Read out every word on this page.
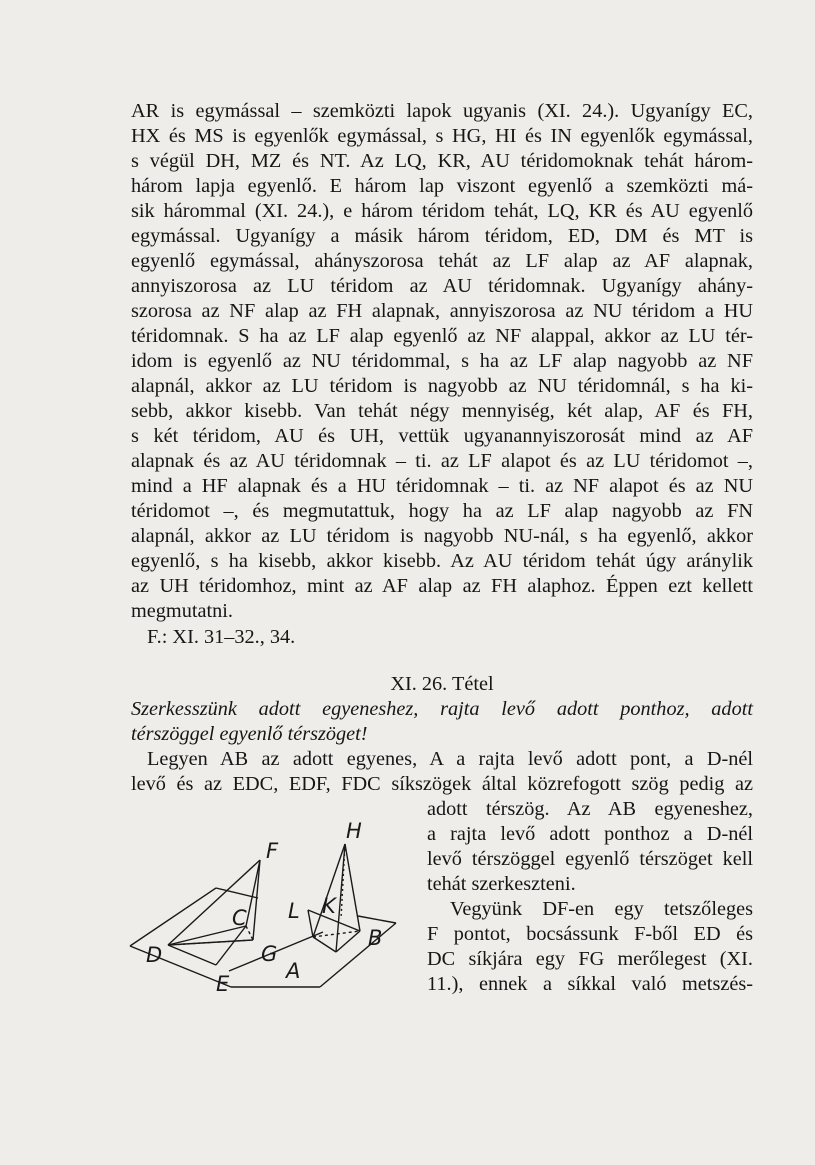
AR is egymással – szemközti lapok ugyanis (XI. 24.). Ugyanígy EC,
HX és MS is egyenlők egymással, s HG, HI és IN egyenlők egymással,
s végül DH, MZ és NT. Az LQ, KR, AU téridomoknak tehát három-
három lapja egyenlő. E három lap viszont egyenlő a szemközti má-
sik hárommal (XI. 24.), e három téridom tehát, LQ, KR és AU egyenlő
egymással. Ugyanígy a másik három téridom, ED, DM és MT is
egyenlő egymással, ahányszorosa tehát az LF alap az AF alapnak,
annyiszorosa az LU téridom az AU téridomnak. Ugyanígy ahány-
szorosa az NF alap az FH alapnak, annyiszorosa az NU téridom a HU
téridomnak. S ha az LF alap egyenlő az NF alappal, akkor az LU tér-
idom is egyenlő az NU téridommal, s ha az LF alap nagyobb az NF
alapnál, akkor az LU téridom is nagyobb az NU téridomnál, s ha ki-
sebb, akkor kisebb. Van tehát négy mennyiség, két alap, AF és FH,
s két téridom, AU és UH, vettük ugyanannyiszorosát mind az AF
alapnak és az AU téridomnak – ti. az LF alapot és az LU téridomot –,
mind a HF alapnak és a HU téridomnak – ti. az NF alapot és az NU
téridomot –, és megmutattuk, hogy ha az LF alap nagyobb az FN
alapnál, akkor az LU téridom is nagyobb NU-nál, s ha egyenlő, akkor
egyenlő, s ha kisebb, akkor kisebb. Az AU téridom tehát úgy aránylik
az UH téridomhoz, mint az AF alap az FH alaphoz. Éppen ezt kellett
megmutatni.
F.: XI. 31–32., 34.
XI. 26. Tétel
Szerkesszünk adott egyeneshez, rajta levő adott ponthoz, adott
térszöggel egyenlő térszöget!
Legyen AB az adott egyenes, A a rajta levő adott pont, a D-nél
levő és az EDC, EDF, FDC síkszögek által közrefogott szög pedig az
adott térszög. Az AB egyeneshez,
a rajta levő adott ponthoz a D-nél
levő térszöggel egyenlő térszöget kell
tehát szerkeszteni.
Vegyünk DF-en egy tetszőleges
F pontot, bocsássunk F-ből ED és
DC síkjára egy FG merőlegest (XI.
11.), ennek a síkkal való metszés-
F
H
C L K
D	G
A
B
E
